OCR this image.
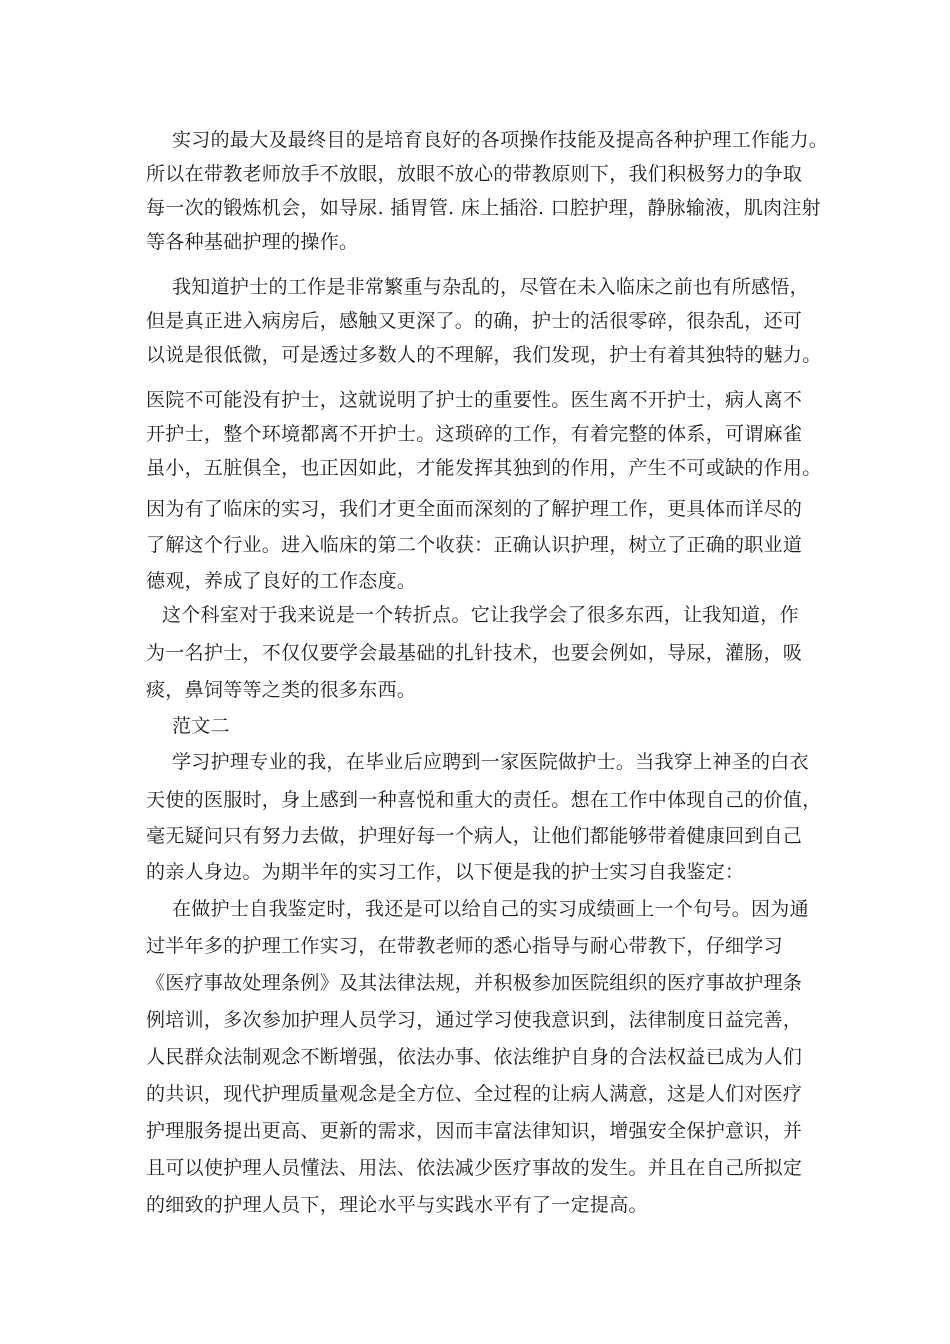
实习的最大及最终目的是培育良好的各项操作技能及提高各种护理工作能力。
所以在带教老师放手不放眼，放眼不放心的带教原则下，我们积极努力的争取
每一次的锻炼机会，如导尿. 插胃管. 床上插浴. 口腔护理，静脉输液，肌肉注射
等各种基础护理的操作。
我知道护士的工作是非常繁重与杂乱的，尽管在未入临床之前也有所感悟，
但是真正进入病房后，感触又更深了。的确，护士的活很零碎，很杂乱，还可
以说是很低微，可是透过多数人的不理解，我们发现，护士有着其独特的魅力。
医院不可能没有护士，这就说明了护士的重要性。医生离不开护士，病人离不
开护士，整个环境都离不开护士。这琐碎的工作，有着完整的体系，可谓麻雀
虽小，五脏俱全，也正因如此，才能发挥其独到的作用，产生不可或缺的作用。
因为有了临床的实习，我们才更全面而深刻的了解护理工作，更具体而详尽的
了解这个行业。进入临床的第二个收获：正确认识护理，树立了正确的职业道
德观，养成了良好的工作态度。
这个科室对于我来说是一个转折点。它让我学会了很多东西，让我知道，作
为一名护士，不仅仅要学会最基础的扎针技术，也要会例如，导尿，灌肠，吸
痰，鼻饲等等之类的很多东西。
范文二
学习护理专业的我，在毕业后应聘到一家医院做护士。当我穿上神圣的白衣
天使的医服时，身上感到一种喜悦和重大的责任。想在工作中体现自己的价值，
毫无疑问只有努力去做，护理好每一个病人，让他们都能够带着健康回到自己
的亲人身边。为期半年的实习工作，以下便是我的护士实习自我鉴定：
在做护士自我鉴定时，我还是可以给自己的实习成绩画上一个句号。因为通
过半年多的护理工作实习，在带教老师的悉心指导与耐心带教下，仔细学习
《医疗事故处理条例》及其法律法规，并积极参加医院组织的医疗事故护理条
例培训，多次参加护理人员学习，通过学习使我意识到，法律制度日益完善，
人民群众法制观念不断增强，依法办事、依法维护自身的合法权益已成为人们
的共识，现代护理质量观念是全方位、全过程的让病人满意，这是人们对医疗
护理服务提出更高、更新的需求，因而丰富法律知识，增强安全保护意识，并
且可以使护理人员懂法、用法、依法减少医疗事故的发生。并且在自己所拟定
的细致的护理人员下，理论水平与实践水平有了一定提高。
